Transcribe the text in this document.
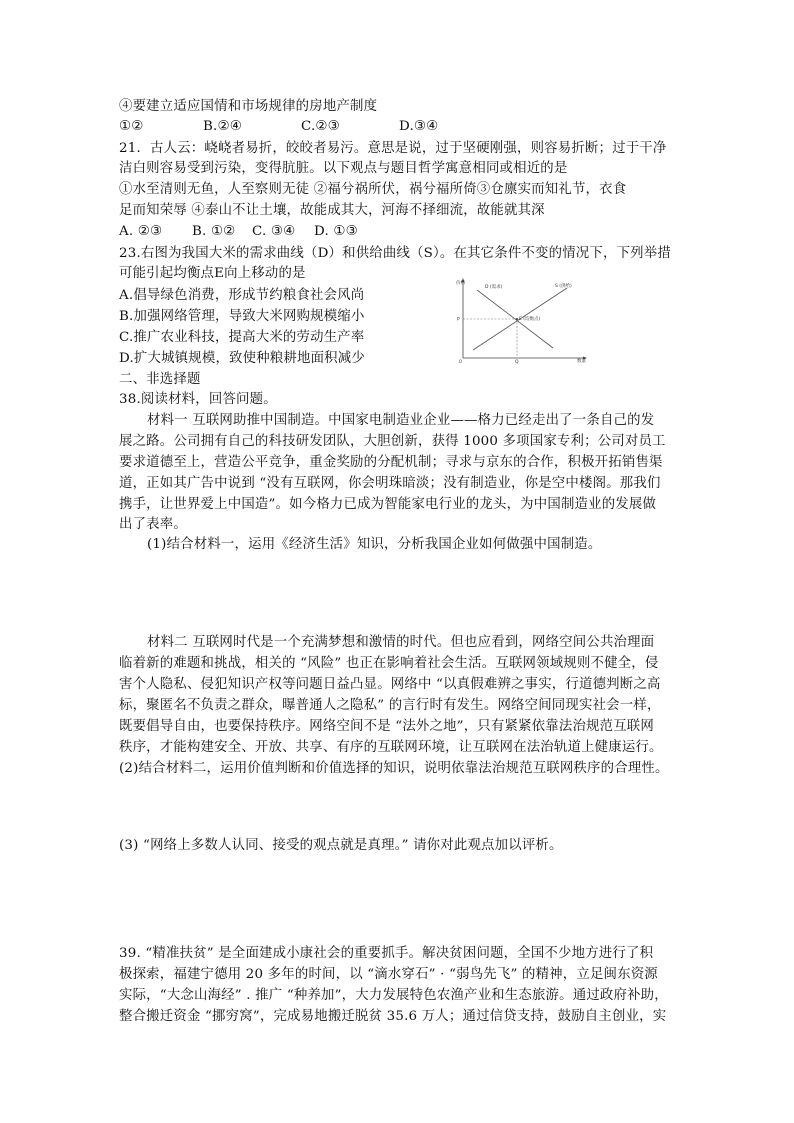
④要建立适应国情和市场规律的房地产制度
①②	B.②④	C.②③	D.③④
21．古人云：峣峣者易折，皎皎者易污。意思是说，过于坚硬刚强，则容易折断；过于干净
洁白则容易受到污染，变得肮脏。以下观点与题目哲学寓意相同或相近的是
①水至清则无鱼，人至察则无徒 ②福兮祸所伏，祸兮福所倚③仓廪实而知礼节，衣食
足而知荣辱 ④泰山不让土壤，故能成其大，河海不择细流，故能就其深
A. ②③ B. ①② C. ③④ D. ①③
23.右图为我国大米的需求曲线（D）和供给曲线（S）。在其它条件不变的情况下，下列举措
可能引起均衡点E向上移动的是
A.倡导绿色消费，形成节约粮食社会风尚
B.加强网络管理，导致大米网购规模缩小
C.推广农业科技，提高大米的劳动生产率
D.扩大城镇规模，致使种粮耕地面积减少
价格
数量
0
D (需求)	S (供给)
E (均衡点)
P
Q
二、非选择题
38.阅读材料，回答问题。
材料一 互联网助推中国制造。中国家电制造业企业——格力已经走出了一条自己的发
展之路。公司拥有自己的科技研发团队，大胆创新，获得 1000 多项国家专利；公司对员工
要求道德至上，营造公平竞争，重金奖励的分配机制；寻求与京东的合作，积极开拓销售渠
道，正如其广告中说到 “没有互联网，你会明珠暗淡；没有制造业，你是空中楼阁。那我们
携手，让世界爱上中国造”。如今格力已成为智能家电行业的龙头，为中国制造业的发展做
出了表率。
(1)结合材料一，运用《经济生活》知识，分析我国企业如何做强中国制造。
材料二 互联网时代是一个充满梦想和激情的时代。但也应看到，网络空间公共治理面
临着新的难题和挑战，相关的 “风险” 也正在影响着社会生活。互联网领域规则不健全，侵
害个人隐私、侵犯知识产权等问题日益凸显。网络中 “以真假难辨之事实，行道德判断之高
标，聚匿名不负责之群众，曝普通人之隐私” 的言行时有发生。网络空间同现实社会一样，
既要倡导自由，也要保持秩序。网络空间不是 “法外之地”，只有紧紧依靠法治规范互联网
秩序，才能构建安全、开放、共享、有序的互联网环境，让互联网在法治轨道上健康运行。
(2)结合材料二，运用价值判断和价值选择的知识，说明依靠法治规范互联网秩序的合理性。
(3) “网络上多数人认同、接受的观点就是真理。” 请你对此观点加以评析。
39. “精准扶贫” 是全面建成小康社会的重要抓手。解决贫困问题，全国不少地方进行了积
极探索，福建宁德用 20 多年的时间，以 “滴水穿石” · “弱鸟先飞” 的精神，立足闽东资源
实际，“大念山海经” . 推广 “种养加”，大力发展特色农渔产业和生态旅游。通过政府补助，
整合搬迁资金 “挪穷窝”，完成易地搬迁脱贫 35.6 万人；通过信贷支持，鼓励自主创业，实
